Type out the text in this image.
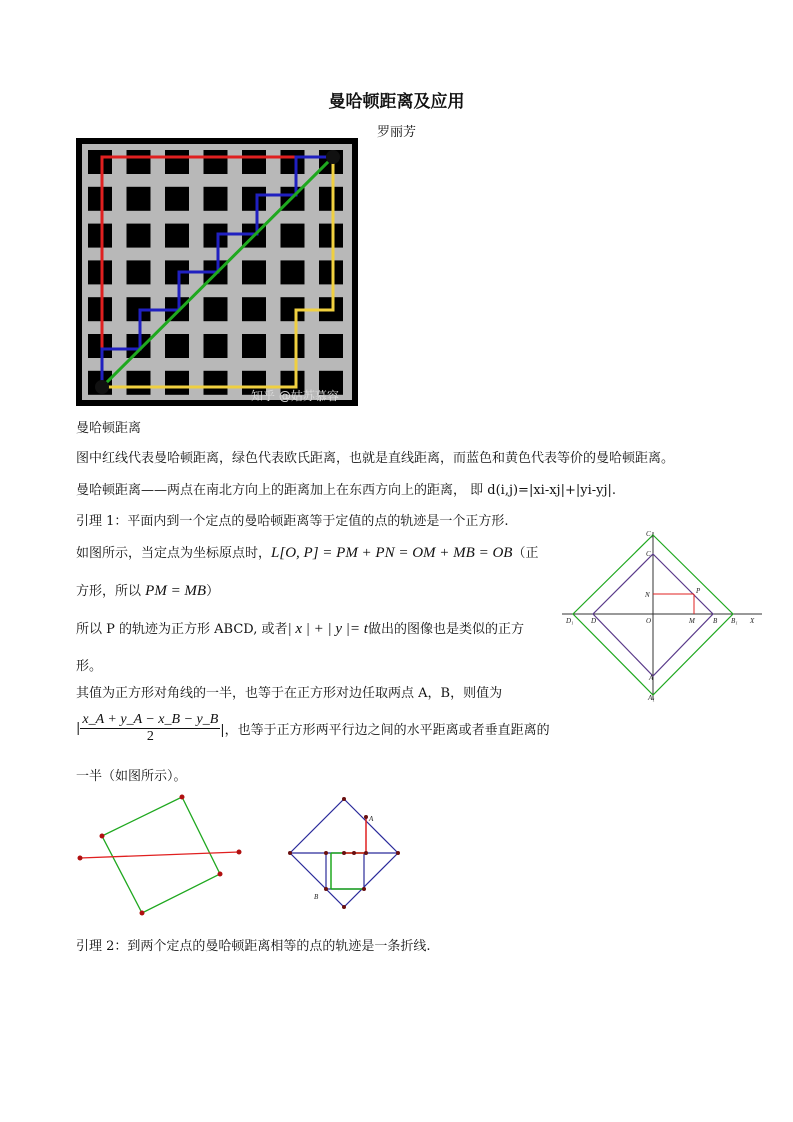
曼哈顿距离及应用
罗丽芳
知乎 @姑苏慕容
曼哈顿距离
图中红线代表曼哈顿距离，绿色代表欧氏距离，也就是直线距离，而蓝色和黄色代表等价的曼哈顿距离。
曼哈顿距离——两点在南北方向上的距离加上在东西方向上的距离， 即 d(i,j)=|xi-xj|+|yi-yj|.
引理 1：平面内到一个定点的曼哈顿距离等于定值的点的轨迹是一个正方形.
如图所示，当定点为坐标原点时，L[O, P] = PM + PN = OM + MB = OB（正
方形，所以 PM = MB）
所以 P 的轨迹为正方形 ABCD, 或者| x | + | y |= t做出的图像也是类似的正方
形。
其值为正方形对角线的一半，也等于在正方形对边任取两点 A，B，则值为
| $\frac{x\_A + y\_A - x\_B - y\_B}{2}$ |，也等于正方形两平行边之间的水平距离或者垂直距离的
一半（如图所示）。
C₁
C
N	P
D₁	D	O	M	B B₁ X
A
A₁
A
B
引理 2：到两个定点的曼哈顿距离相等的点的轨迹是一条折线.
